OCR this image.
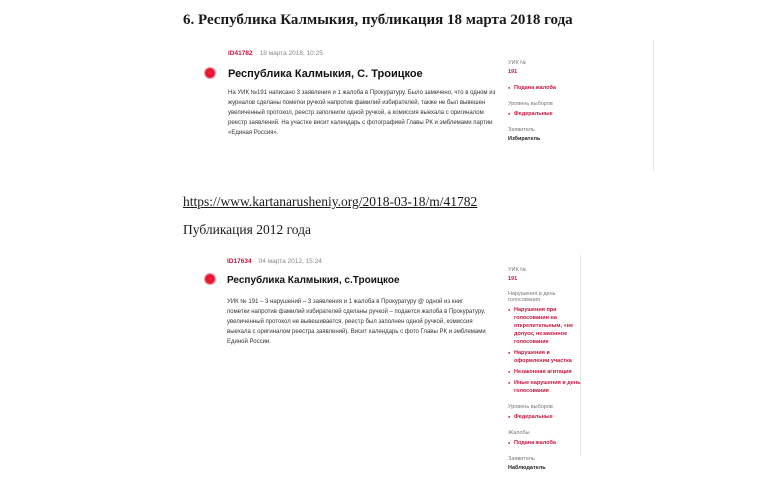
6. Республика Калмыкия, публикация 18 марта 2018 года
ID41782 18 марта 2018, 10:25
Республика Калмыкия, С. Троицкое
На УИК №191 написано 3 заявления и 1 жалоба в Прокуратуру. Было замечено, что в одном из журналов сделаны пометки ручкой напротив фамилий избирателей, также не был вывешен увеличенный протокол, реестр заполнили одной ручкой, а комиссия выехала с оригиналом реестр заявлений. На участке висит календарь с фотографией Главы РК и эмблемами партии «Единая Россия».
УИК №
191
● Подана жалоба
Уровень выборов
● Федеральные
Заявитель
Избиратель
https://www.kartanarusheniy.org/2018-03-18/m/41782
Публикация 2012 года
ID17634 04 марта 2012, 15:24
Республика Калмыкия, с.Троицкое
УИК № 191 – 3 нарушений – 3 заявления и 1 жалоба в Прокуратуру @ одной из книг пометки напротив фамилий избирателей сделаны ручкой – подается жалоба в Прокуратуру, увеличенный протокол не вывешивается, реестр был заполнен одной ручкой, комиссия выехала с оригиналом реестра заявлений). Висит календарь с фото Главы РК и эмблемами Единой России.
УИК №
191
Нарушения в день голосования
● Нарушения при голосовании на открепительным, «не допуск, незаконное голосование
● Нарушения в оформлении участка
● Незаконная агитация
● Иные нарушения в день голосования
Уровень выборов
● Федеральные
Жалобы
● Подана жалоба
Заявитель
Наблюдатель
